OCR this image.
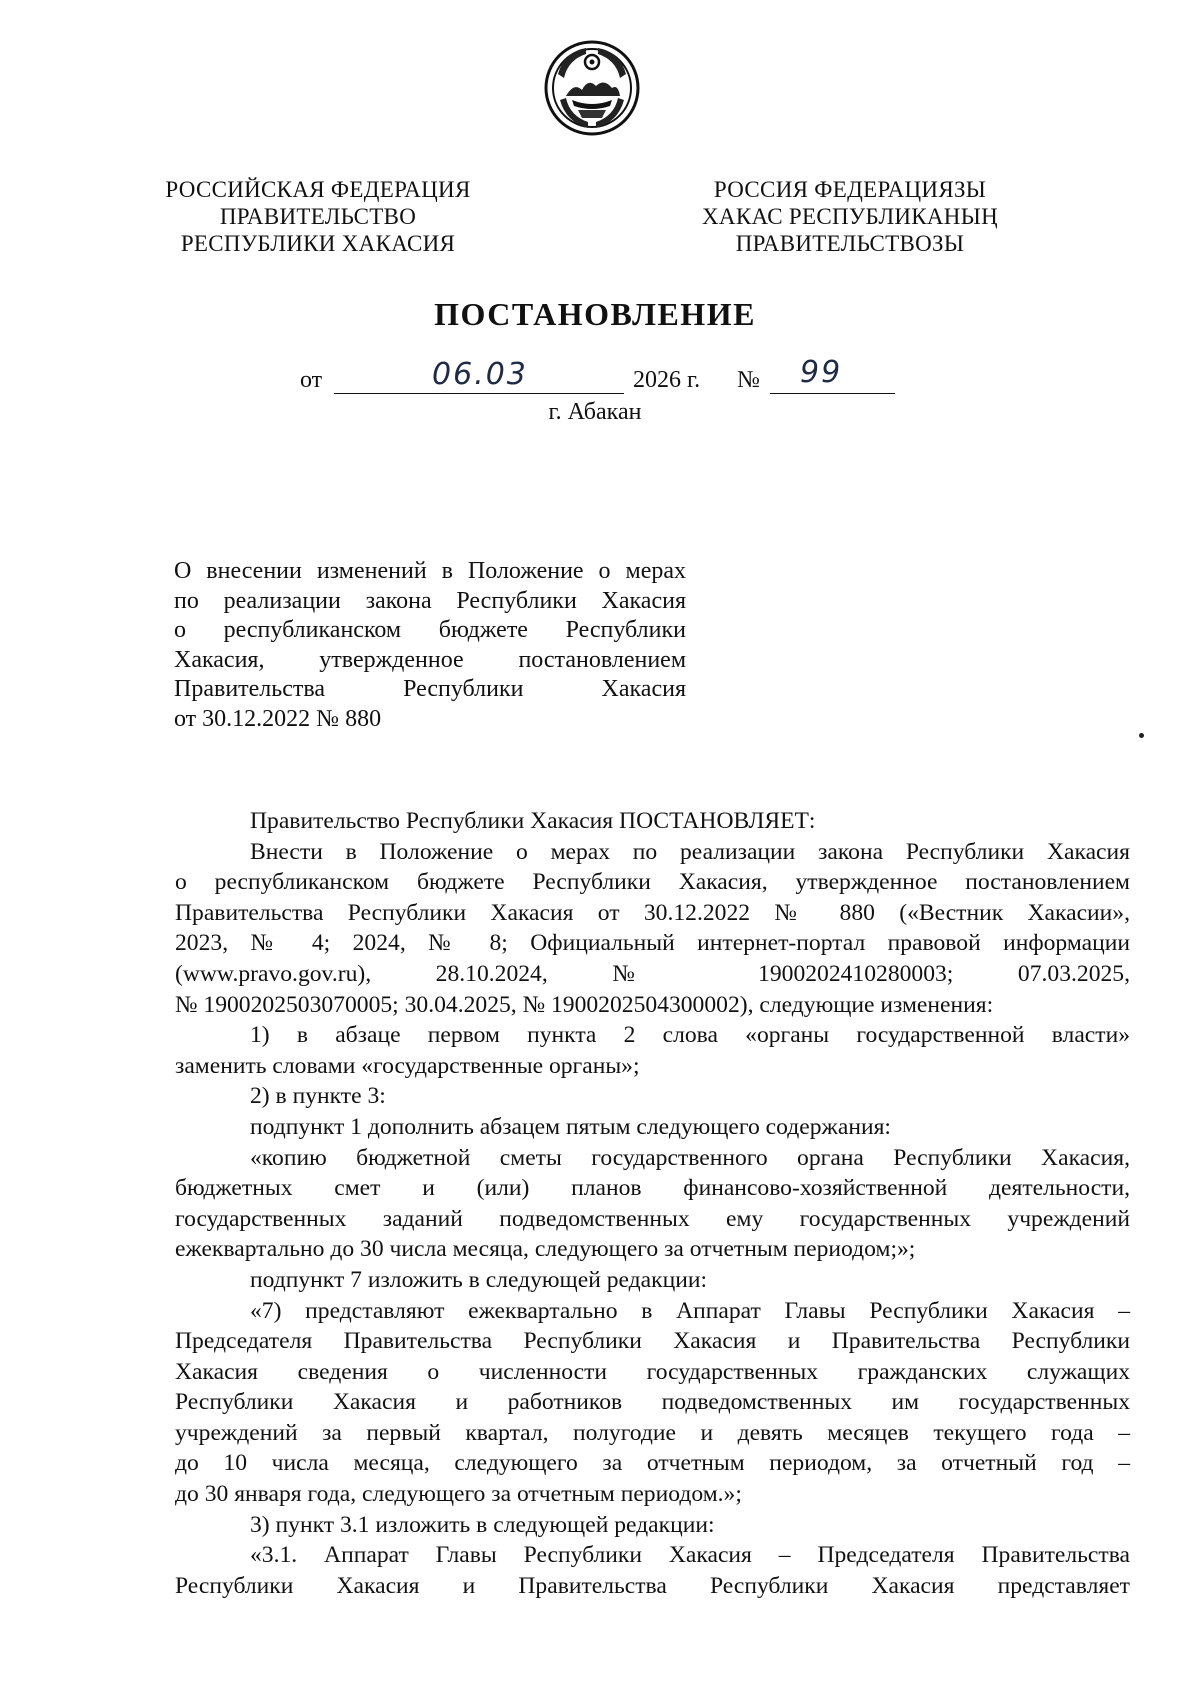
РОССИЙСКАЯ ФЕДЕРАЦИЯ
ПРАВИТЕЛЬСТВО
РЕСПУБЛИКИ ХАКАСИЯ
РОССИЯ ФЕДЕРАЦИЯЗЫ
ХАКАС РЕСПУБЛИКАНЫҢ
ПРАВИТЕЛЬСТВОЗЫ
ПОСТАНОВЛЕНИЕ
от	06.03	2026 г. № 99
г. Абакан
О внесении изменений в Положение о мерах
по реализации закона Республики Хакасия
о республиканском бюджете Республики
Хакасия, утвержденное постановлением
Правительства Республики Хакасия
от 30.12.2022 № 880
Правительство Республики Хакасия ПОСТАНОВЛЯЕТ:
Внести в Положение о мерах по реализации закона Республики Хакасия
о республиканском бюджете Республики Хакасия, утвержденное постановлением
Правительства Республики Хакасия от 30.12.2022 № 880 («Вестник Хакасии»,
2023, № 4; 2024, № 8; Официальный интернет-портал правовой информации
(www.pravo.gov.ru), 28.10.2024, № 1900202410280003; 07.03.2025,
№ 1900202503070005; 30.04.2025, № 1900202504300002), следующие изменения:
1) в абзаце первом пункта 2 слова «органы государственной власти»
заменить словами «государственные органы»;
2) в пункте 3:
подпункт 1 дополнить абзацем пятым следующего содержания:
«копию бюджетной сметы государственного органа Республики Хакасия,
бюджетных смет и (или) планов финансово-хозяйственной деятельности,
государственных заданий подведомственных ему государственных учреждений
ежеквартально до 30 числа месяца, следующего за отчетным периодом;»;
подпункт 7 изложить в следующей редакции:
«7) представляют ежеквартально в Аппарат Главы Республики Хакасия –
Председателя Правительства Республики Хакасия и Правительства Республики
Хакасия сведения о численности государственных гражданских служащих
Республики Хакасия и работников подведомственных им государственных
учреждений за первый квартал, полугодие и девять месяцев текущего года –
до 10 числа месяца, следующего за отчетным периодом, за отчетный год –
до 30 января года, следующего за отчетным периодом.»;
3) пункт 3.1 изложить в следующей редакции:
«3.1. Аппарат Главы Республики Хакасия – Председателя Правительства
Республики Хакасия и Правительства Республики Хакасия представляет
